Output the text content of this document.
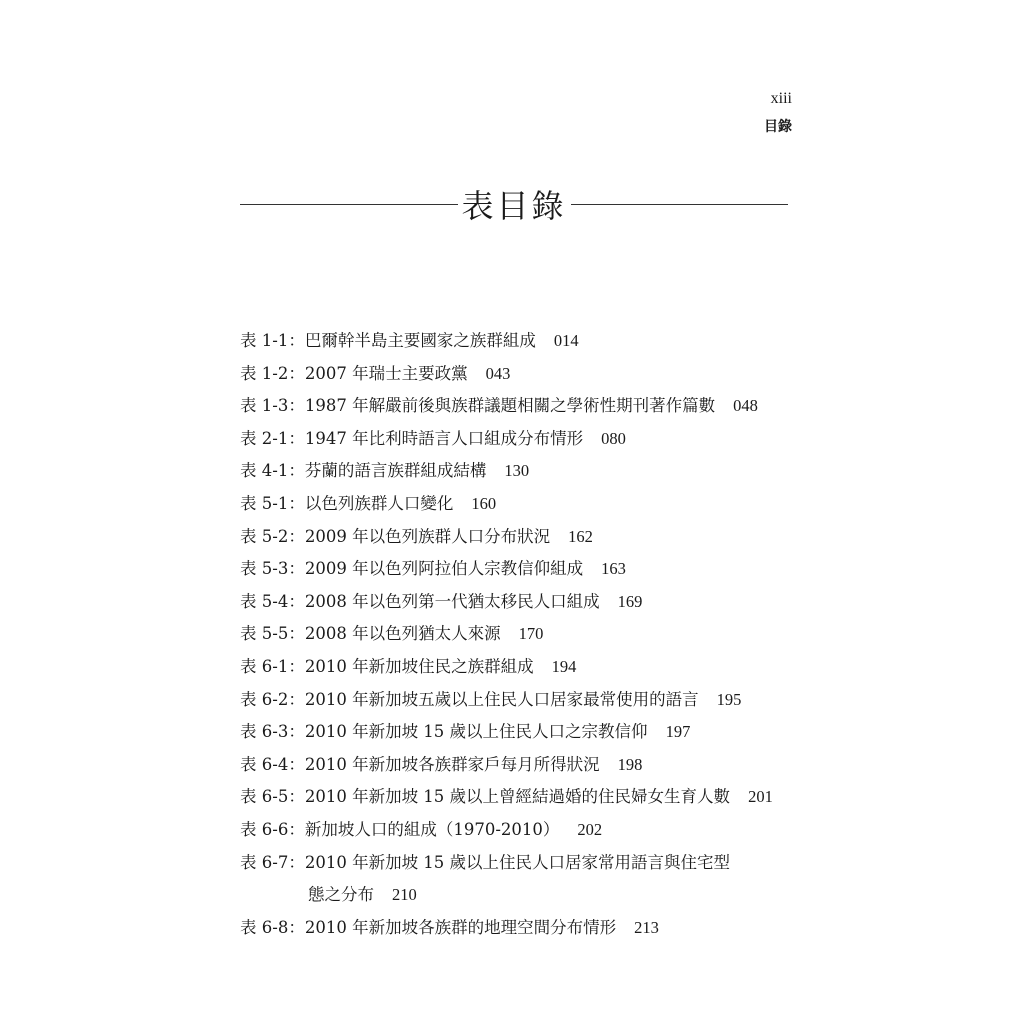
xiii
目錄
表目錄
表 1-1： 巴爾幹半島主要國家之族群組成 014
表 1-2： 2007 年瑞士主要政黨 043
表 1-3： 1987 年解嚴前後與族群議題相關之學術性期刊著作篇數 048
表 2-1： 1947 年比利時語言人口組成分布情形 080
表 4-1： 芬蘭的語言族群組成結構 130
表 5-1： 以色列族群人口變化 160
表 5-2： 2009 年以色列族群人口分布狀況 162
表 5-3： 2009 年以色列阿拉伯人宗教信仰組成 163
表 5-4： 2008 年以色列第一代猶太移民人口組成 169
表 5-5： 2008 年以色列猶太人來源 170
表 6-1： 2010 年新加坡住民之族群組成 194
表 6-2： 2010 年新加坡五歲以上住民人口居家最常使用的語言 195
表 6-3： 2010 年新加坡 15 歲以上住民人口之宗教信仰 197
表 6-4： 2010 年新加坡各族群家戶每月所得狀況 198
表 6-5： 2010 年新加坡 15 歲以上曾經結過婚的住民婦女生育人數 201
表 6-6： 新加坡人口的組成（1970-2010） 202
表 6-7： 2010 年新加坡 15 歲以上住民人口居家常用語言與住宅型
態之分布 210
表 6-8： 2010 年新加坡各族群的地理空間分布情形 213
